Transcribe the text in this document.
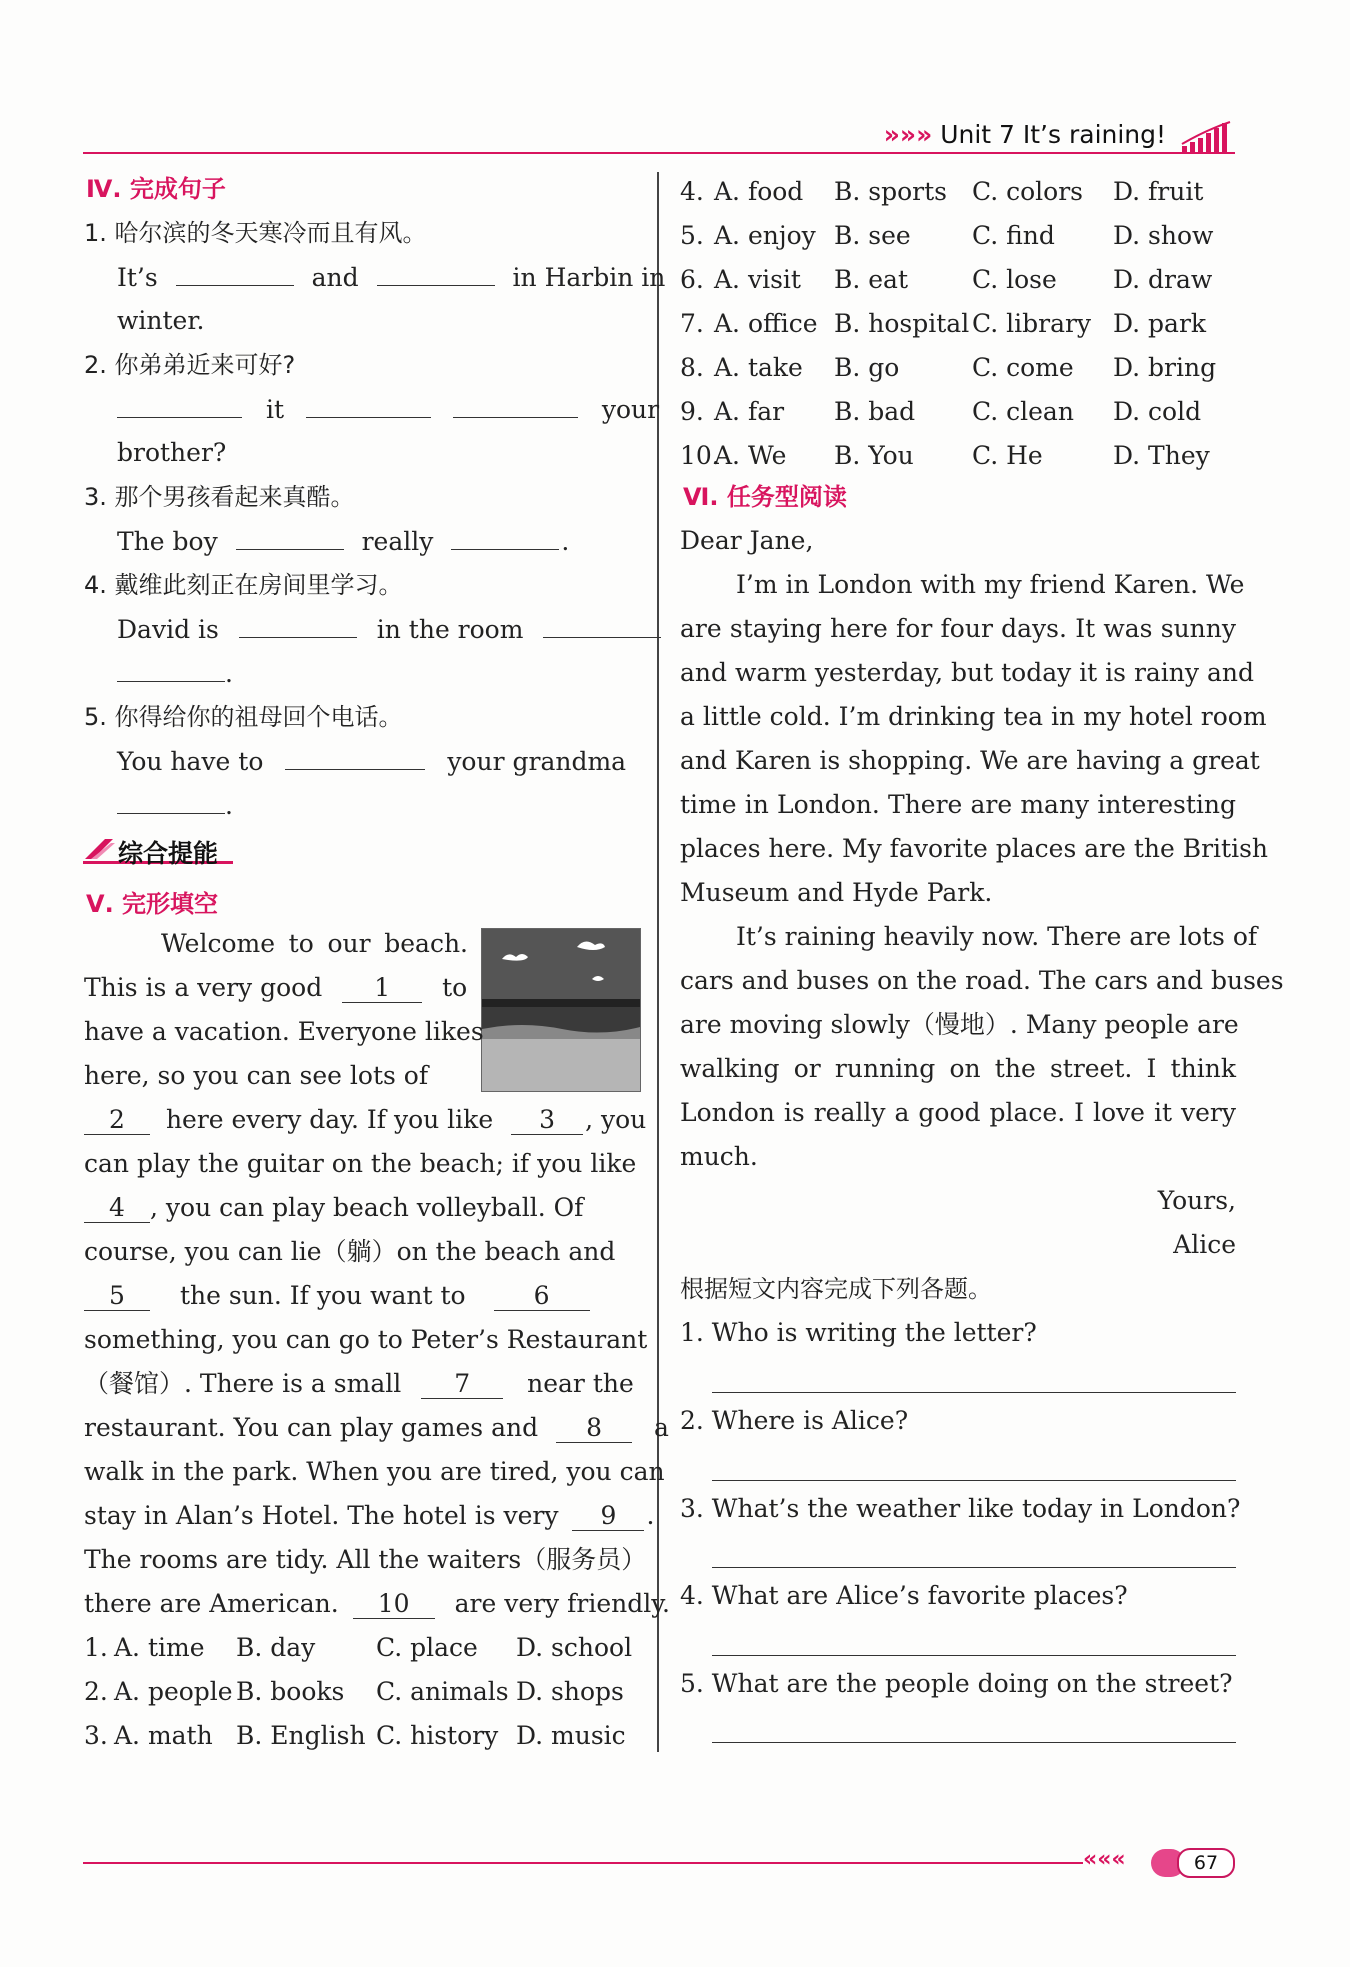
»»» Unit 7 It’s raining!
Ⅳ. 完成句子
1. 哈尔滨的冬天寒冷而且有风。
It’s	and	in Harbin in
winter.
2. 你弟弟近来可好?
it	your
brother?
3. 那个男孩看起来真酷。
The boy	really	.
4. 戴维此刻正在房间里学习。
David is	in the room
.
5. 你得给你的祖母回个电话。
You have to	your grandma
.
综合提能
Ⅴ. 完形填空
Welcome to our beach.
This is a very good 1 to
have a vacation. Everyone likes
here, so you can see lots of
2 here every day. If you like 3 , you
can play the guitar on the beach; if you like
4 , you can play beach volleyball. Of
course, you can lie（躺）on the beach and
5 the sun. If you want to	6
something, you can go to Peter’s Restaurant
（餐馆）. There is a small 7 near the
restaurant. You can play games and 8 a
walk in the park. When you are tired, you can
stay in Alan’s Hotel. The hotel is very 9 .
The rooms are tidy. All the waiters（服务员）
there are American. 10 are very friendly.
1. A. time B. day C. place D. school
2. A. people B. books C. animals D. shops
3. A. math B. English C. history D. music
4. A. food B. sports C. colors D. fruit
5. A. enjoy B. see C. find D. show
6. A. visit B. eat	C. lose D. draw
7. A. office B. hospital C. library D. park
8. A. take B. go	C. come D. bring
9. A. far B. bad C. clean D. cold
10.A. We B. You C. He	D. They
Ⅵ. 任务型阅读
Dear Jane,
I’m in London with my friend Karen. We
are staying here for four days. It was sunny
and warm yesterday, but today it is rainy and
a little cold. I’m drinking tea in my hotel room
and Karen is shopping. We are having a great
time in London. There are many interesting
places here. My favorite places are the British
Museum and Hyde Park.
It’s raining heavily now. There are lots of
cars and buses on the road. The cars and buses
are moving slowly（慢地）. Many people are
walking or running on the street. I think
London is really a good place. I love it very
much.
Yours,
Alice
根据短文内容完成下列各题。
1. Who is writing the letter?
2. Where is Alice?
3. What’s the weather like today in London?
4. What are Alice’s favorite places?
5. What are the people doing on the street?
«««	67
